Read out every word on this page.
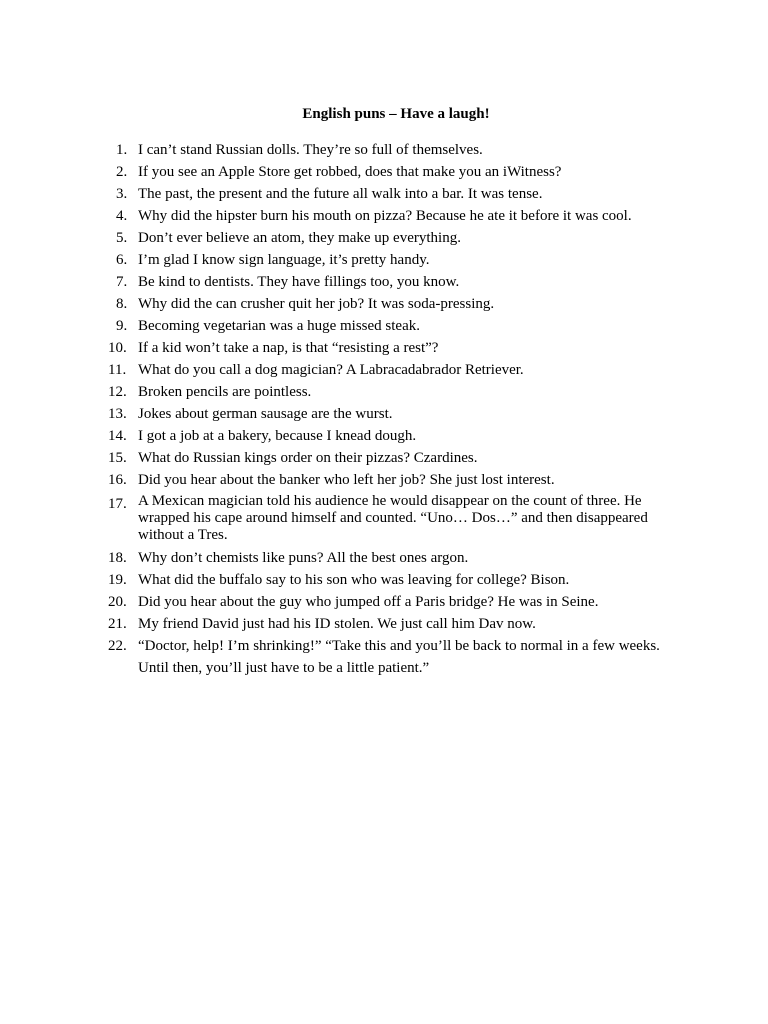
English puns – Have a laugh!
1. I can’t stand Russian dolls. They’re so full of themselves.
2. If you see an Apple Store get robbed, does that make you an iWitness?
3. The past, the present and the future all walk into a bar. It was tense.
4. Why did the hipster burn his mouth on pizza? Because he ate it before it was cool.
5. Don’t ever believe an atom, they make up everything.
6. I’m glad I know sign language, it’s pretty handy.
7. Be kind to dentists. They have fillings too, you know.
8. Why did the can crusher quit her job? It was soda-pressing.
9. Becoming vegetarian was a huge missed steak.
10. If a kid won’t take a nap, is that “resisting a rest”?
11. What do you call a dog magician? A Labracadabrador Retriever.
12. Broken pencils are pointless.
13. Jokes about german sausage are the wurst.
14. I got a job at a bakery, because I knead dough.
15. What do Russian kings order on their pizzas? Czardines.
16. Did you hear about the banker who left her job? She just lost interest.
17. A Mexican magician told his audience he would disappear on the count of three. He wrapped his cape around himself and counted. “Uno… Dos…” and then disappeared without a Tres.
18. Why don’t chemists like puns? All the best ones argon.
19. What did the buffalo say to his son who was leaving for college? Bison.
20. Did you hear about the guy who jumped off a Paris bridge? He was in Seine.
21. My friend David just had his ID stolen. We just call him Dav now.
22. “Doctor, help! I’m shrinking!” “Take this and you’ll be back to normal in a few weeks. Until then, you’ll just have to be a little patient.”
